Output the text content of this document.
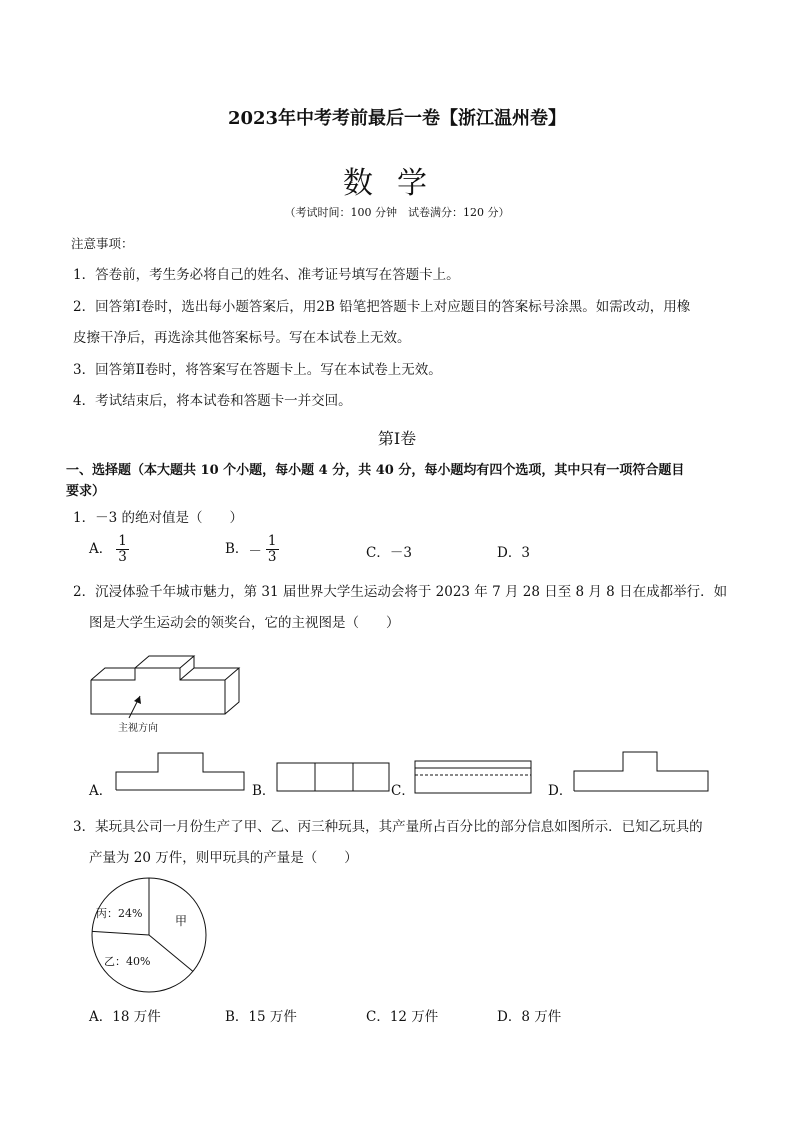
2023年中考考前最后一卷【浙江温州卷】
数学
（考试时间：100 分钟　试卷满分：120 分）
注意事项：
1．答卷前，考生务必将自己的姓名、准考证号填写在答题卡上。
2．回答第Ⅰ卷时，选出每小题答案后，用2B 铅笔把答题卡上对应题目的答案标号涂黑。如需改动，用橡
皮擦干净后，再选涂其他答案标号。写在本试卷上无效。
3．回答第Ⅱ卷时，将答案写在答题卡上。写在本试卷上无效。
4．考试结束后，将本试卷和答题卡一并交回。
第Ⅰ卷
一、选择题（本大题共 10 个小题，每小题 4 分，共 40 分，每小题均有四个选项，其中只有一项符合题目
要求）
1．－3 的绝对值是（　　）
A． $\frac{1}{3}$	B．－ $\frac{1}{3}$	C．－3	D．3
2．沉浸体验千年城市魅力，第 31 届世界大学生运动会将于 2023 年 7 月 28 日至 8 月 8 日在成都举行．如
图是大学生运动会的领奖台，它的主视图是（　　）
主视方向
A．	B．	C．	D．
3．某玩具公司一月份生产了甲、乙、丙三种玩具，其产量所占百分比的部分信息如图所示．已知乙玩具的
产量为 20 万件，则甲玩具的产量是（　　）
丙：24%
甲
乙：40%
A．18 万件	B．15 万件	C．12 万件	D．8 万件
